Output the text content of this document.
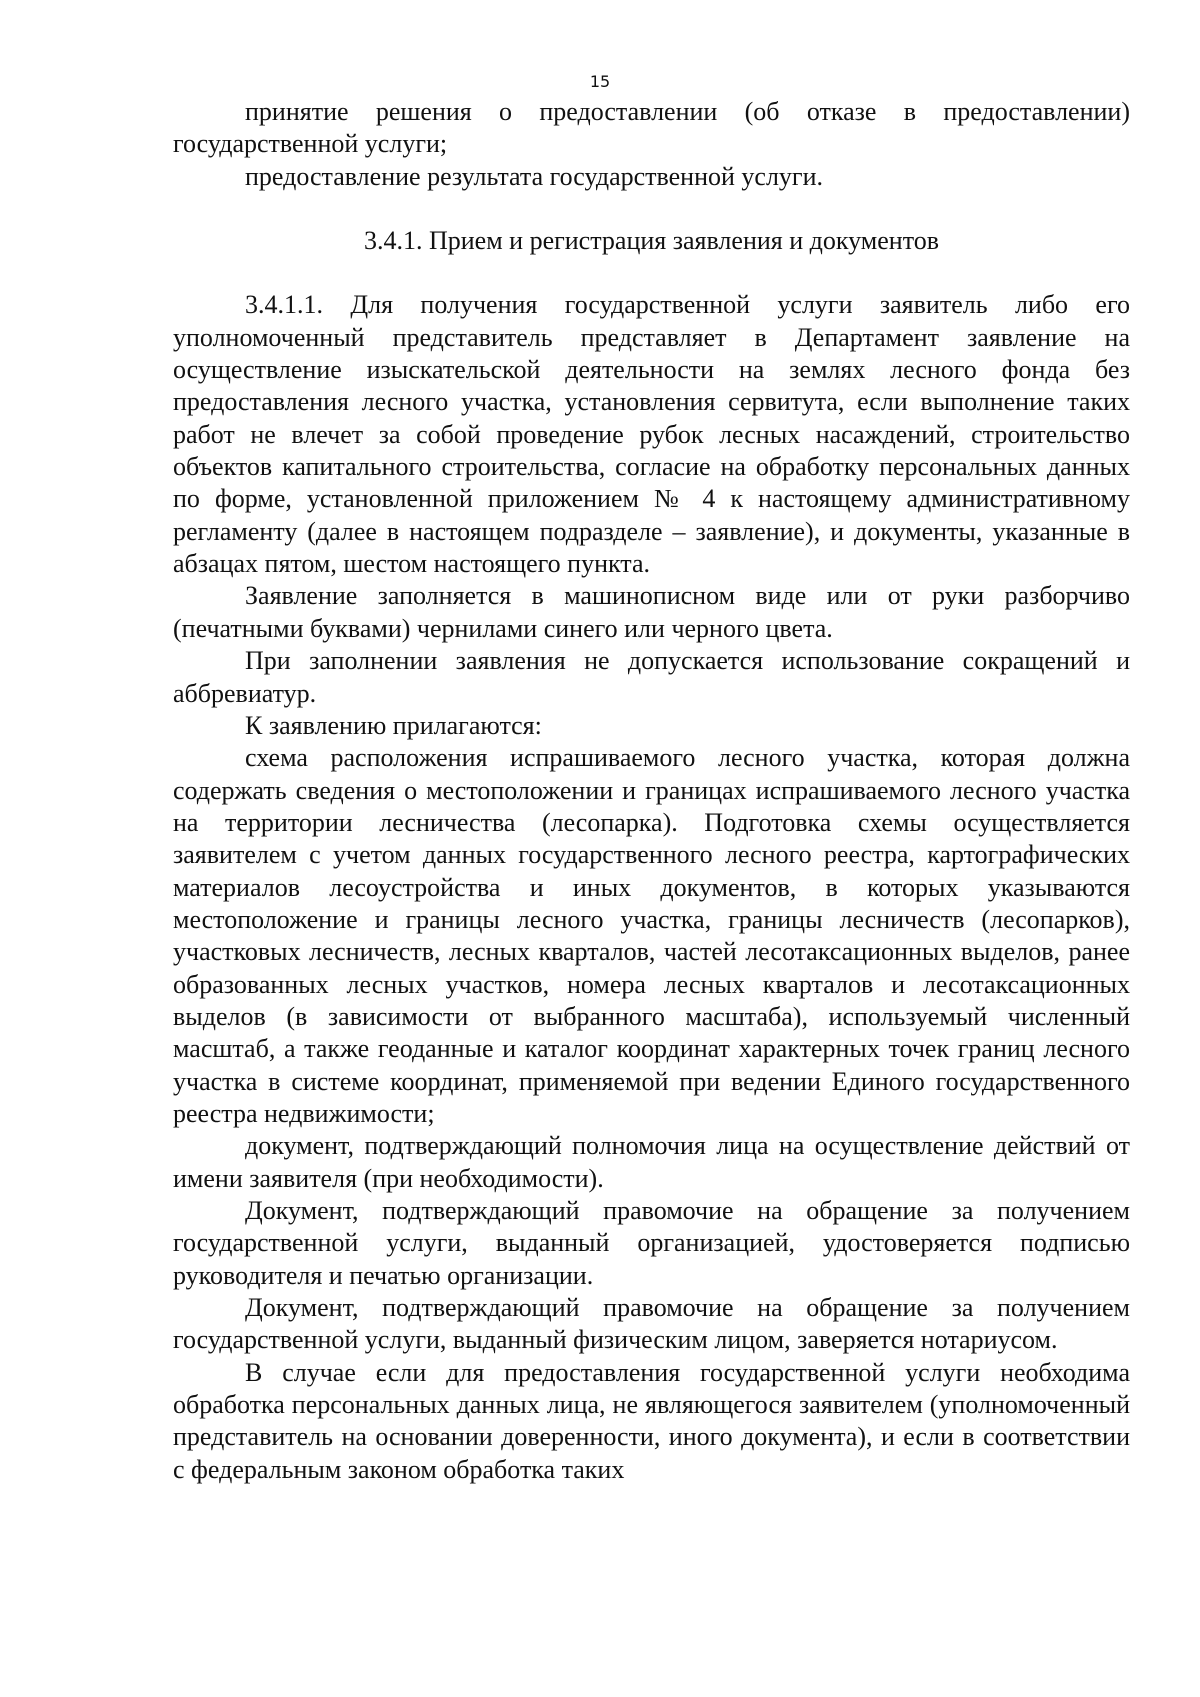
15

принятие решения о предоставлении (об отказе в предоставлении) государственной услуги;

предоставление результата государственной услуги.

3.4.1. Прием и регистрация заявления и документов

3.4.1.1. Для получения государственной услуги заявитель либо его уполномоченный представитель представляет в Департамент заявление на осуществление изыскательской деятельности на землях лесного фонда без предоставления лесного участка, установления сервитута, если выполнение таких работ не влечет за собой проведение рубок лесных насаждений, строительство объектов капитального строительства, согласие на обработку персональных данных по форме, установленной приложением № 4 к настоящему административному регламенту (далее в настоящем подразделе – заявление), и документы, указанные в абзацах пятом, шестом настоящего пункта.

Заявление заполняется в машинописном виде или от руки разборчиво (печатными буквами) чернилами синего или черного цвета.

При заполнении заявления не допускается использование сокращений и аббревиатур.

К заявлению прилагаются:

схема расположения испрашиваемого лесного участка, которая должна содержать сведения о местоположении и границах испрашиваемого лесного участка на территории лесничества (лесопарка). Подготовка схемы осуществляется заявителем с учетом данных государственного лесного реестра, картографических материалов лесоустройства и иных документов, в которых указываются местоположение и границы лесного участка, границы лесничеств (лесопарков), участковых лесничеств, лесных кварталов, частей лесотаксационных выделов, ранее образованных лесных участков, номера лесных кварталов и лесотаксационных выделов (в зависимости от выбранного масштаба), используемый численный масштаб, а также геоданные и каталог координат характерных точек границ лесного участка в системе координат, применяемой при ведении Единого государственного реестра недвижимости;

документ, подтверждающий полномочия лица на осуществление действий от имени заявителя (при необходимости).

Документ, подтверждающий правомочие на обращение за получением государственной услуги, выданный организацией, удостоверяется подписью руководителя и печатью организации.

Документ, подтверждающий правомочие на обращение за получением государственной услуги, выданный физическим лицом, заверяется нотариусом.

В случае если для предоставления государственной услуги необходима обработка персональных данных лица, не являющегося заявителем (уполномоченный представитель на основании доверенности, иного документа), и если в соответствии с федеральным законом обработка таких
